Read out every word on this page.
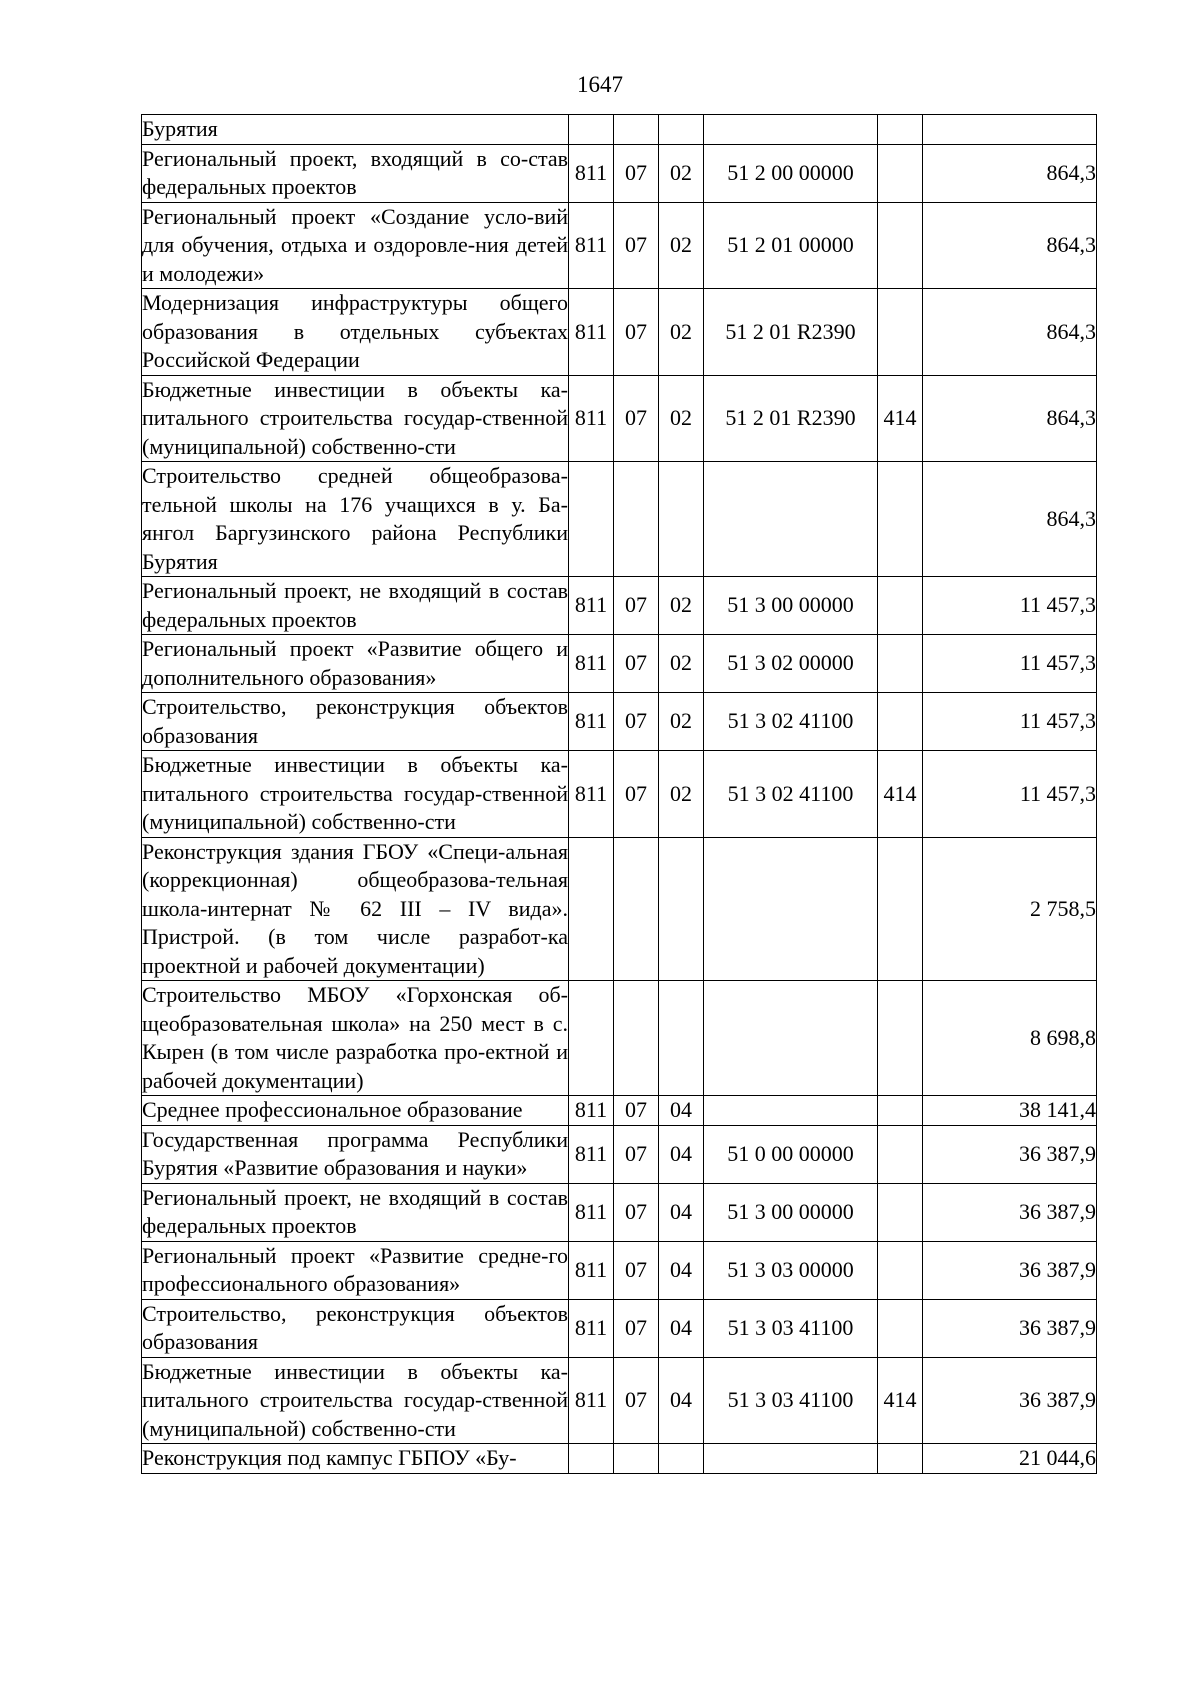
1647
Бурятия						
Региональный проект, входящий в со-став федеральных проектов	811	07	02	51 2 00 00000		864,3
Региональный проект «Создание усло-вий для обучения, отдыха и оздоровле-ния детей и молодежи»	811	07	02	51 2 01 00000		864,3
Модернизация инфраструктуры общего образования в отдельных субъектах Российской Федерации	811	07	02	51 2 01 R2390		864,3
Бюджетные инвестиции в объекты ка-питального строительства государ-ственной (муниципальной) собственно-сти	811	07	02	51 2 01 R2390	414	864,3
Строительство средней общеобразова-тельной школы на 176 учащихся в у. Ба-янгол Баргузинского района Республики Бурятия						864,3
Региональный проект, не входящий в состав федеральных проектов	811	07	02	51 3 00 00000		11 457,3
Региональный проект «Развитие общего и дополнительного образования»	811	07	02	51 3 02 00000		11 457,3
Строительство, реконструкция объектов образования	811	07	02	51 3 02 41100		11 457,3
Бюджетные инвестиции в объекты ка-питального строительства государ-ственной (муниципальной) собственно-сти	811	07	02	51 3 02 41100	414	11 457,3
Реконструкция здания ГБОУ «Специ-альная (коррекционная) общеобразова-тельная школа-интернат № 62 III – IV вида». Пристрой. (в том числе разработ-ка проектной и рабочей документации)						2 758,5
Строительство МБОУ «Горхонская об-щеобразовательная школа» на 250 мест в с. Кырен (в том числе разработка про-ектной и рабочей документации)						8 698,8
Среднее профессиональное образование	811	07	04			38 141,4
Государственная программа Республики Бурятия «Развитие образования и науки»	811	07	04	51 0 00 00000		36 387,9
Региональный проект, не входящий в состав федеральных проектов	811	07	04	51 3 00 00000		36 387,9
Региональный проект «Развитие средне-го профессионального образования»	811	07	04	51 3 03 00000		36 387,9
Строительство, реконструкция объектов образования	811	07	04	51 3 03 41100		36 387,9
Бюджетные инвестиции в объекты ка-питального строительства государ-ственной (муниципальной) собственно-сти	811	07	04	51 3 03 41100	414	36 387,9
Реконструкция под кампус ГБПОУ «Бу-						21 044,6
